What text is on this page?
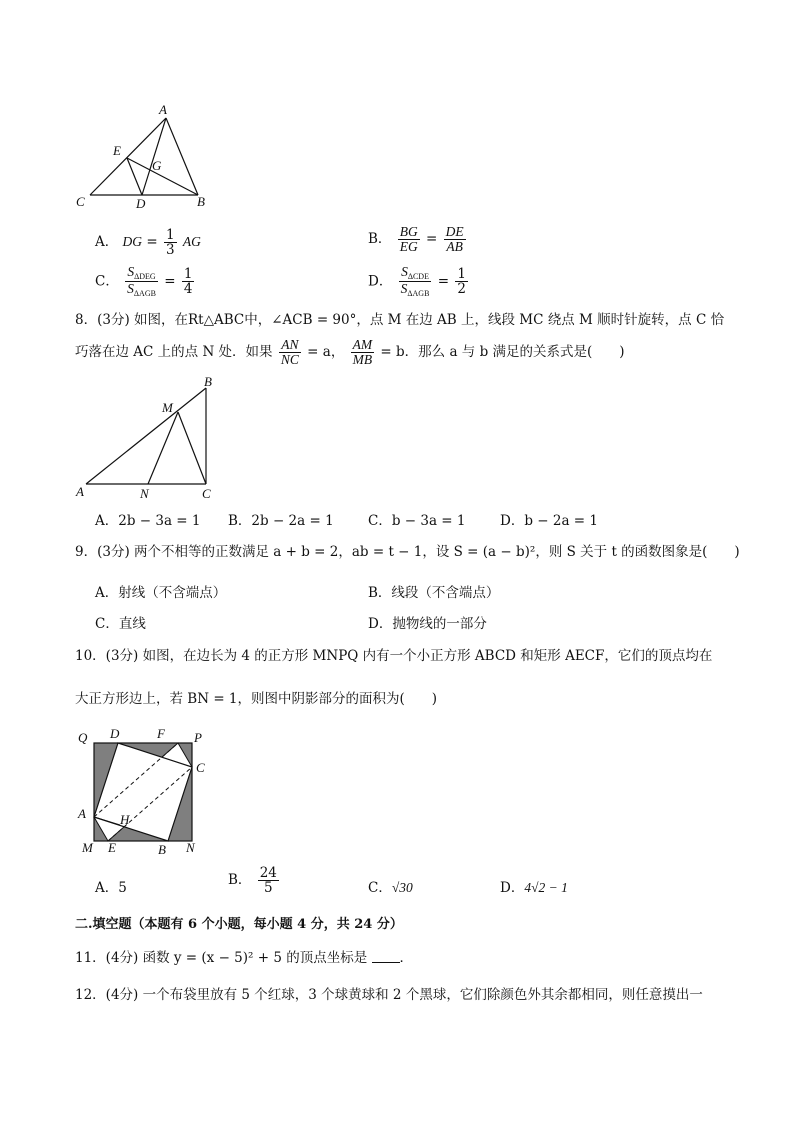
A
E
G
C	D	B
A． DG = $\frac{1}{3}$ AG	B． $\frac{BG}{EG} = \frac{DE}{AB}$
C． $\frac{S_{\Delta DEG}}{S_{\Delta AGB}} = \frac{1}{4}$	D． $\frac{S_{\Delta CDE}}{S_{\Delta AGB}} = \frac{1}{2}$
8．(3分) 如图，在Rt△ABC中，∠ACB = 90°，点 M 在边 AB 上，线段 MC 绕点 M 顺时针旋转，点 C 恰
巧落在边 AC 上的点 N 处．如果 $\frac{AN}{NC} = a$， $\frac{AM}{MB} = b$．那么 a 与 b 满足的关系式是(　　)
B
M
A	N	C
A．2b − 3a = 1 B．2b − 2a = 1	C．b − 3a = 1	D．b − 2a = 1
9．(3分) 两个不相等的正数满足 a + b = 2，ab = t − 1，设 S = (a − b)²，则 S 关于 t 的函数图象是(　　)
A．射线（不含端点）	B．线段（不含端点）
C．直线	D．抛物线的一部分
10．(3分) 如图，在边长为 4 的正方形 MNPQ 内有一个小正方形 ABCD 和矩形 AECF，它们的顶点均在
大正方形边上，若 BN = 1，则图中阴影部分的面积为(　　)
Q D	F P
C
A	H
M E	B N
A．5	B． $\frac{24}{5}$	C．√30	D．4√2 − 1
二.填空题（本题有 6 个小题，每小题 4 分，共 24 分）
11．(4分) 函数 y = (x − 5)² + 5 的顶点坐标是 ．
12．(4分) 一个布袋里放有 5 个红球，3 个球黄球和 2 个黑球，它们除颜色外其余都相同，则任意摸出一
